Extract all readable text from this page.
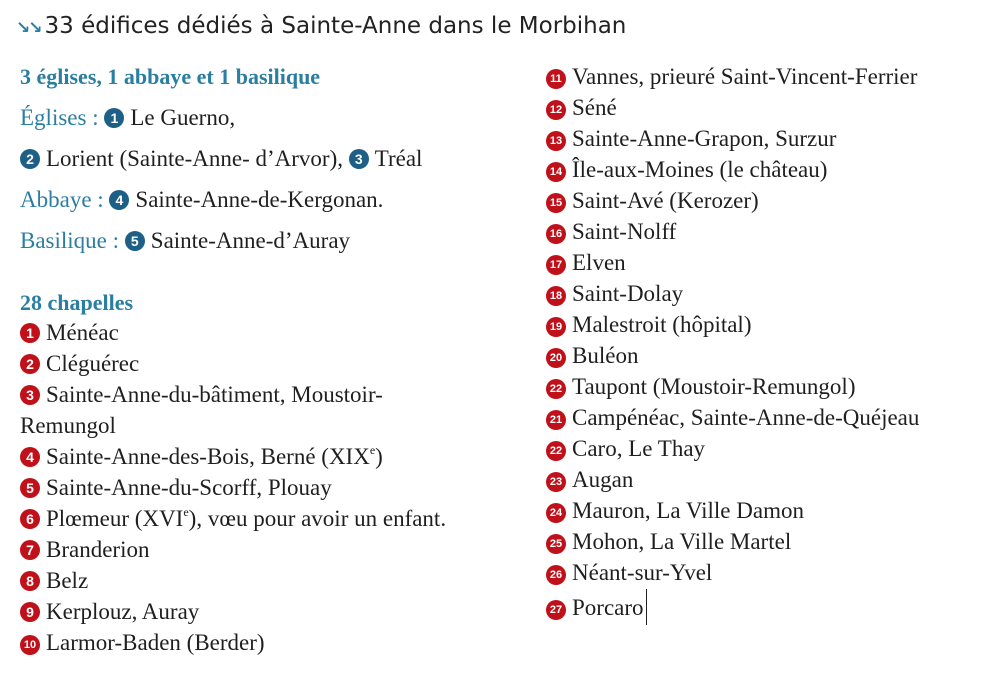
↘↘ 33 édifices dédiés à Sainte-Anne dans le Morbihan
3 églises, 1 abbaye et 1 basilique
Églises : 1 Le Guerno,
2 Lorient (Sainte-Anne- d’Arvor), 3 Tréal
Abbaye : 4 Sainte-Anne-de-Kergonan.
Basilique : 5 Sainte-Anne-d’Auray
28 chapelles
1 Ménéac
2 Cléguérec
3 Sainte-Anne-du-bâtiment, Moustoir-
Remungol
4 Sainte-Anne-des-Bois, Berné (XIXe)
5 Sainte-Anne-du-Scorff, Plouay
6 Plœmeur (XVIe), vœu pour avoir un enfant.
7 Branderion
8 Belz
9 Kerplouz, Auray
10 Larmor-Baden (Berder)
11 Vannes, prieuré Saint-Vincent-Ferrier
12 Séné
13 Sainte-Anne-Grapon, Surzur
14 Île-aux-Moines (le château)
15 Saint-Avé (Kerozer)
16 Saint-Nolff
17 Elven
18 Saint-Dolay
19 Malestroit (hôpital)
20 Buléon
22 Taupont (Moustoir-Remungol)
21 Campénéac, Sainte-Anne-de-Quéjeau
22 Caro, Le Thay
23 Augan
24 Mauron, La Ville Damon
25 Mohon, La Ville Martel
26 Néant-sur-Yvel
27 Porcaro
